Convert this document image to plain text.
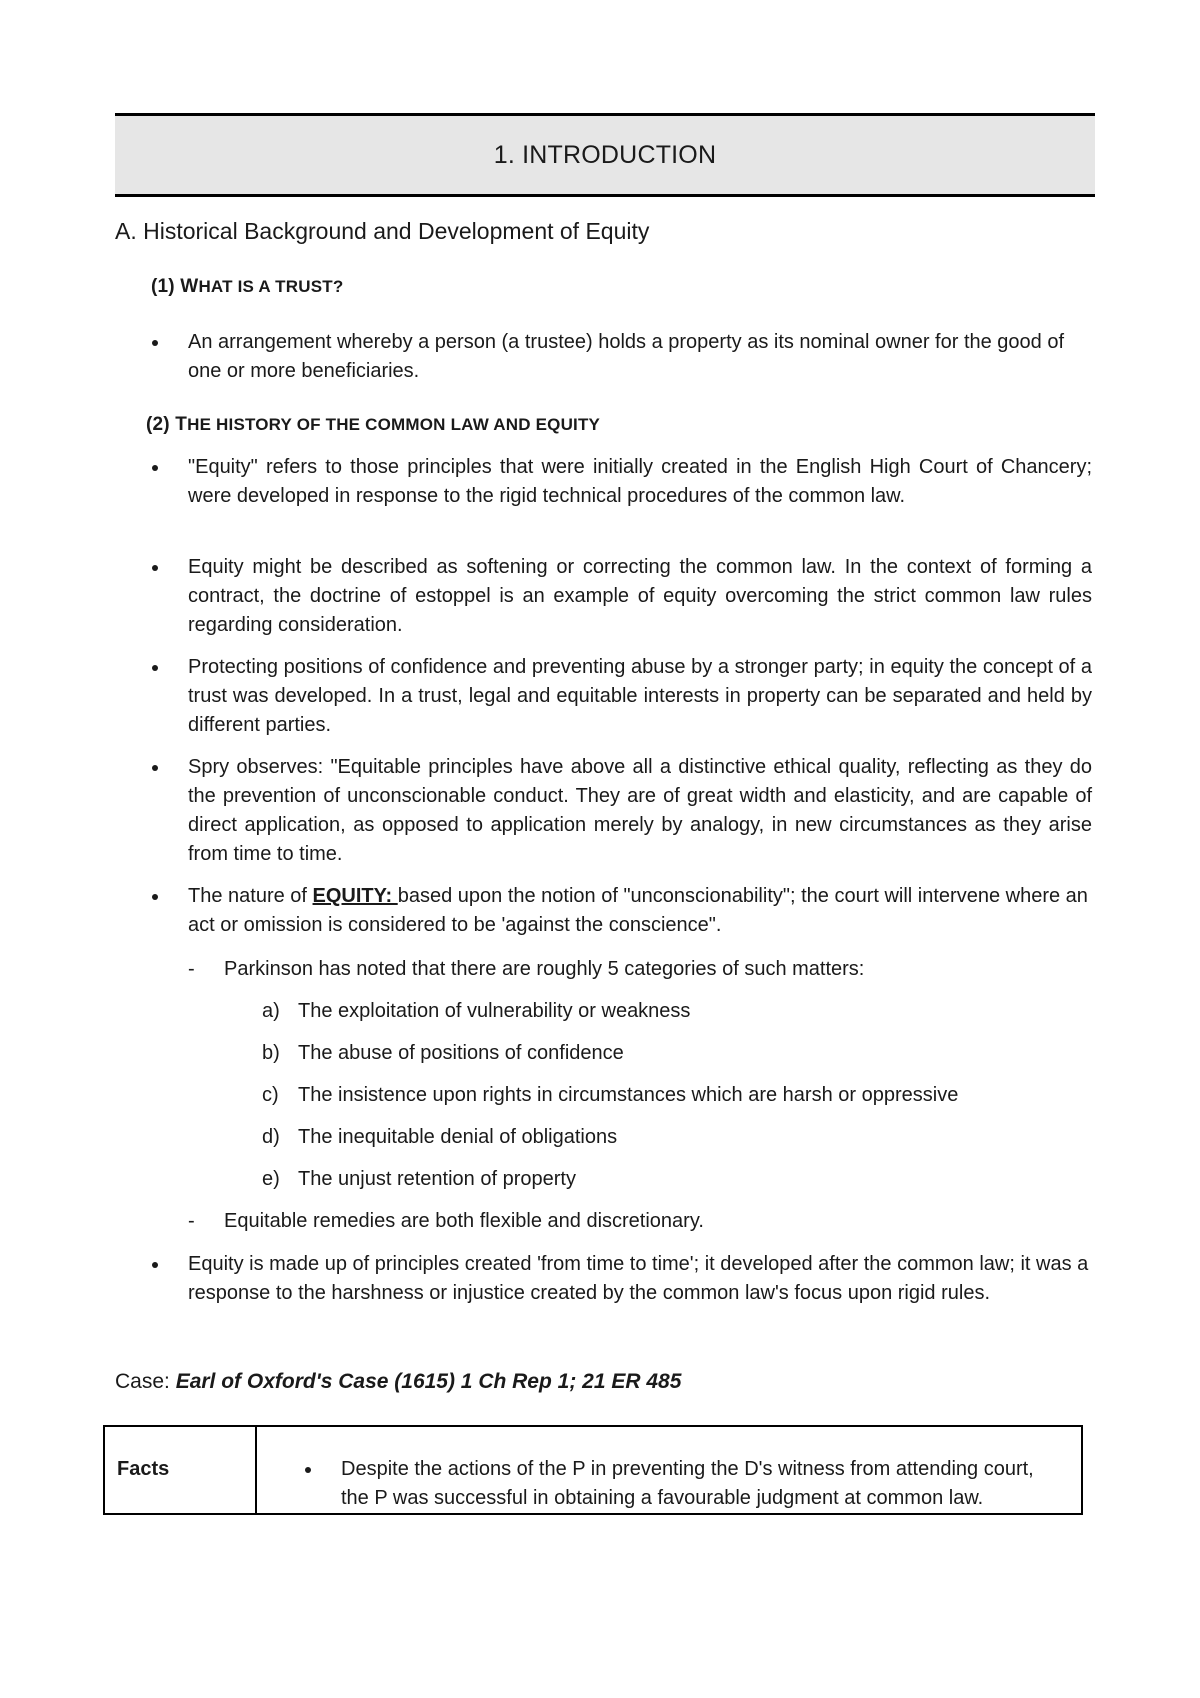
1. INTRODUCTION
A. Historical Background and Development of Equity
(1) WHAT IS A TRUST?
An arrangement whereby a person (a trustee) holds a property as its nominal owner for the good of one or more beneficiaries.
(2) THE HISTORY OF THE COMMON LAW AND EQUITY
"Equity" refers to those principles that were initially created in the English High Court of Chancery; were developed in response to the rigid technical procedures of the common law.
Equity might be described as softening or correcting the common law. In the context of forming a contract, the doctrine of estoppel is an example of equity overcoming the strict common law rules regarding consideration.
Protecting positions of confidence and preventing abuse by a stronger party; in equity the concept of a trust was developed. In a trust, legal and equitable interests in property can be separated and held by different parties.
Spry observes: "Equitable principles have above all a distinctive ethical quality, reflecting as they do the prevention of unconscionable conduct. They are of great width and elasticity, and are capable of direct application, as opposed to application merely by analogy, in new circumstances as they arise from time to time.
The nature of EQUITY: based upon the notion of "unconscionability"; the court will intervene where an act or omission is considered to be 'against the conscience".
- Parkinson has noted that there are roughly 5 categories of such matters:
a) The exploitation of vulnerability or weakness
b) The abuse of positions of confidence
c) The insistence upon rights in circumstances which are harsh or oppressive
d) The inequitable denial of obligations
e) The unjust retention of property
- Equitable remedies are both flexible and discretionary.
Equity is made up of principles created 'from time to time'; it developed after the common law; it was a response to the harshness or injustice created by the common law's focus upon rigid rules.
Case: Earl of Oxford's Case (1615) 1 Ch Rep 1; 21 ER 485
Facts	Despite the actions of the P in preventing the D's witness from attending court, the P was successful in obtaining a favourable judgment at common law.
